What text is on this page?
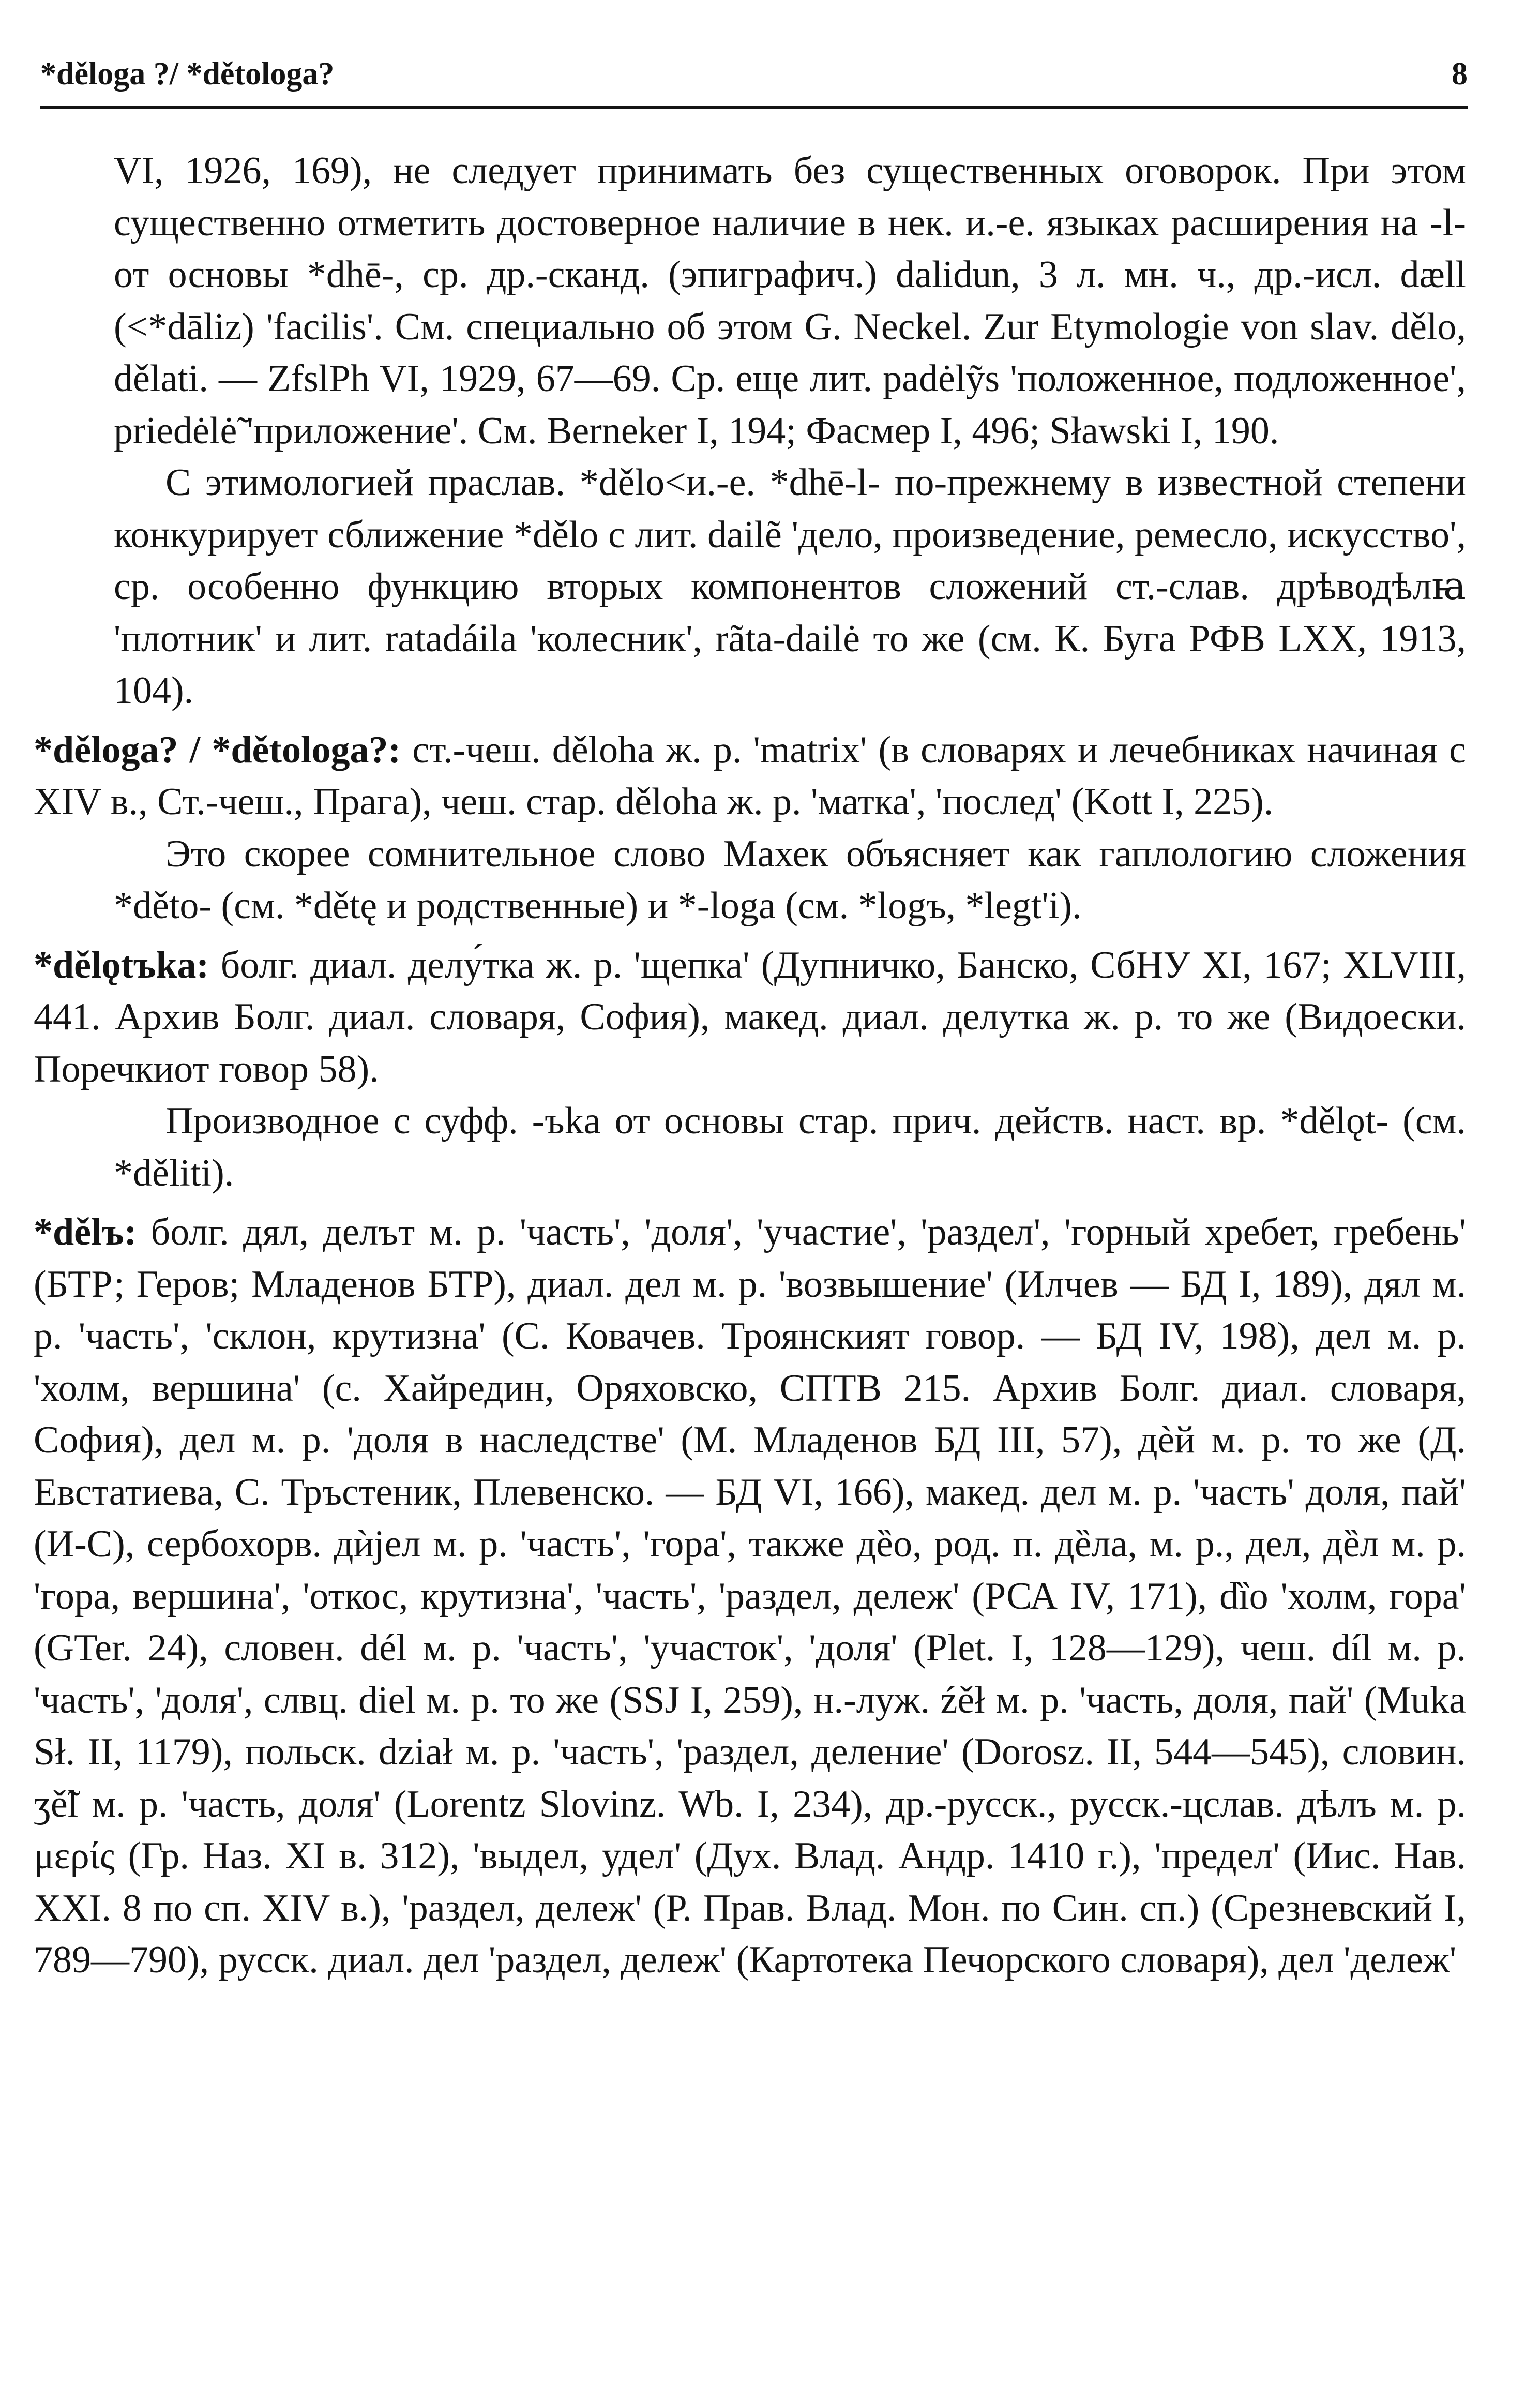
*děloga ?/ *dětologa?	8

VI, 1926, 169), не следует принимать без существенных оговорок. При этом существенно отметить достоверное наличие в нек. и.-е. языках расширения на -l- от основы *dhē-, ср. др.-сканд. (эпиграфич.) dalidun, 3 л. мн. ч., др.-исл. dæll (<*dāliz) 'facilis'. См. специально об этом G. Neckel. Zur Etymologie von slav. dělo, dělati. — ZfslPh VI, 1929, 67—69. Ср. еще лит. padėlỹs 'положенное, подложенное', priedėlė̃ 'приложение'. См. Berneker I, 194; Фасмер I, 496; Sławski I, 190.

С этимологией праслав. *dělo<и.-е. *dhē-l- по-прежнему в известной степени конкурирует сближение *dělo с лит. dailẽ 'дело, произведение, ремесло, искусство', ср. особенно функцию вторых компонентов сложений ст.-слав. дрѣводѣлꙗ 'плотник' и лит. ratadáila 'колесник', rãta-dailė то же (см. К. Буга РФВ LXX, 1913, 104).

*děloga? / *dětologa?: ст.-чеш. děloha ж. р. 'matrix' (в словарях и лечебниках начиная с XIV в., Ст.-чеш., Прага), чеш. стар. děloha ж. р. 'матка', 'послед' (Kott I, 225).

Это скорее сомнительное слово Махек объясняет как гаплологию сложения *děto- (см. *dětę и родственные) и *-loga (см. *logъ, *legt'i).

*dělǫtъka: болг. диал. делу́тка ж. р. 'щепка' (Дупничко, Банско, СбНУ XI, 167; XLVIII, 441. Архив Болг. диал. словаря, София), макед. диал. делутка ж. р. то же (Видоески. Поречкиот говор 58).

Производное с суфф. -ъka от основы стар. прич. действ. наст. вр. *dělǫt- (см. *děliti).

*dělъ: болг. дял, делът м. р. 'часть', 'доля', 'участие', 'раздел', 'горный хребет, гребень' (БТР; Геров; Младенов БТР), диал. дел м. р. 'возвышение' (Илчев — БД I, 189), дял м. р. 'часть', 'склон, крутизна' (С. Ковачев. Троянският говор. — БД IV, 198), дел м. р. 'холм, вершина' (с. Хайредин, Оряховско, СПТВ 215. Архив Болг. диал. словаря, София), дел м. р. 'доля в наследстве' (М. Младенов БД III, 57), дѐй м. р. то же (Д. Евстатиева, С. Тръстеник, Плевенско. — БД VI, 166), макед. дел м. р. 'часть' доля, пай' (И-С), сербохорв. дѝјел м. р. 'часть', 'гора', также дȅо, род. п. дȅла, м. р., дел, дȅл м. р. 'гора, вершина', 'откос, крутизна', 'часть', 'раздел, дележ' (РСА IV, 171), dȉo 'холм, гора' (GTer. 24), словен. dél м. р. 'часть', 'участок', 'доля' (Plet. I, 128—129), чеш. díl м. р. 'часть', 'доля', слвц. diel м. р. то же (SSJ I, 259), н.-луж. źěł м. р. 'часть, доля, пай' (Muka Sł. II, 1179), польск. dział м. р. 'часть', 'раздел, деление' (Dorosz. II, 544—545), словин. ʒě̃l м. р. 'часть, доля' (Lorentz Slovinz. Wb. I, 234), др.-русск., русск.-цслав. дѣлъ м. р. μερίς (Гр. Наз. XI в. 312), 'выдел, удел' (Дух. Влад. Андр. 1410 г.), 'предел' (Иис. Нав. XXI. 8 по сп. XIV в.), 'раздел, дележ' (Р. Прав. Влад. Мон. по Син. сп.) (Срезневский I, 789—790), русск. диал. дел 'раздел, дележ' (Картотека Печорского словаря), дел 'дележ'
